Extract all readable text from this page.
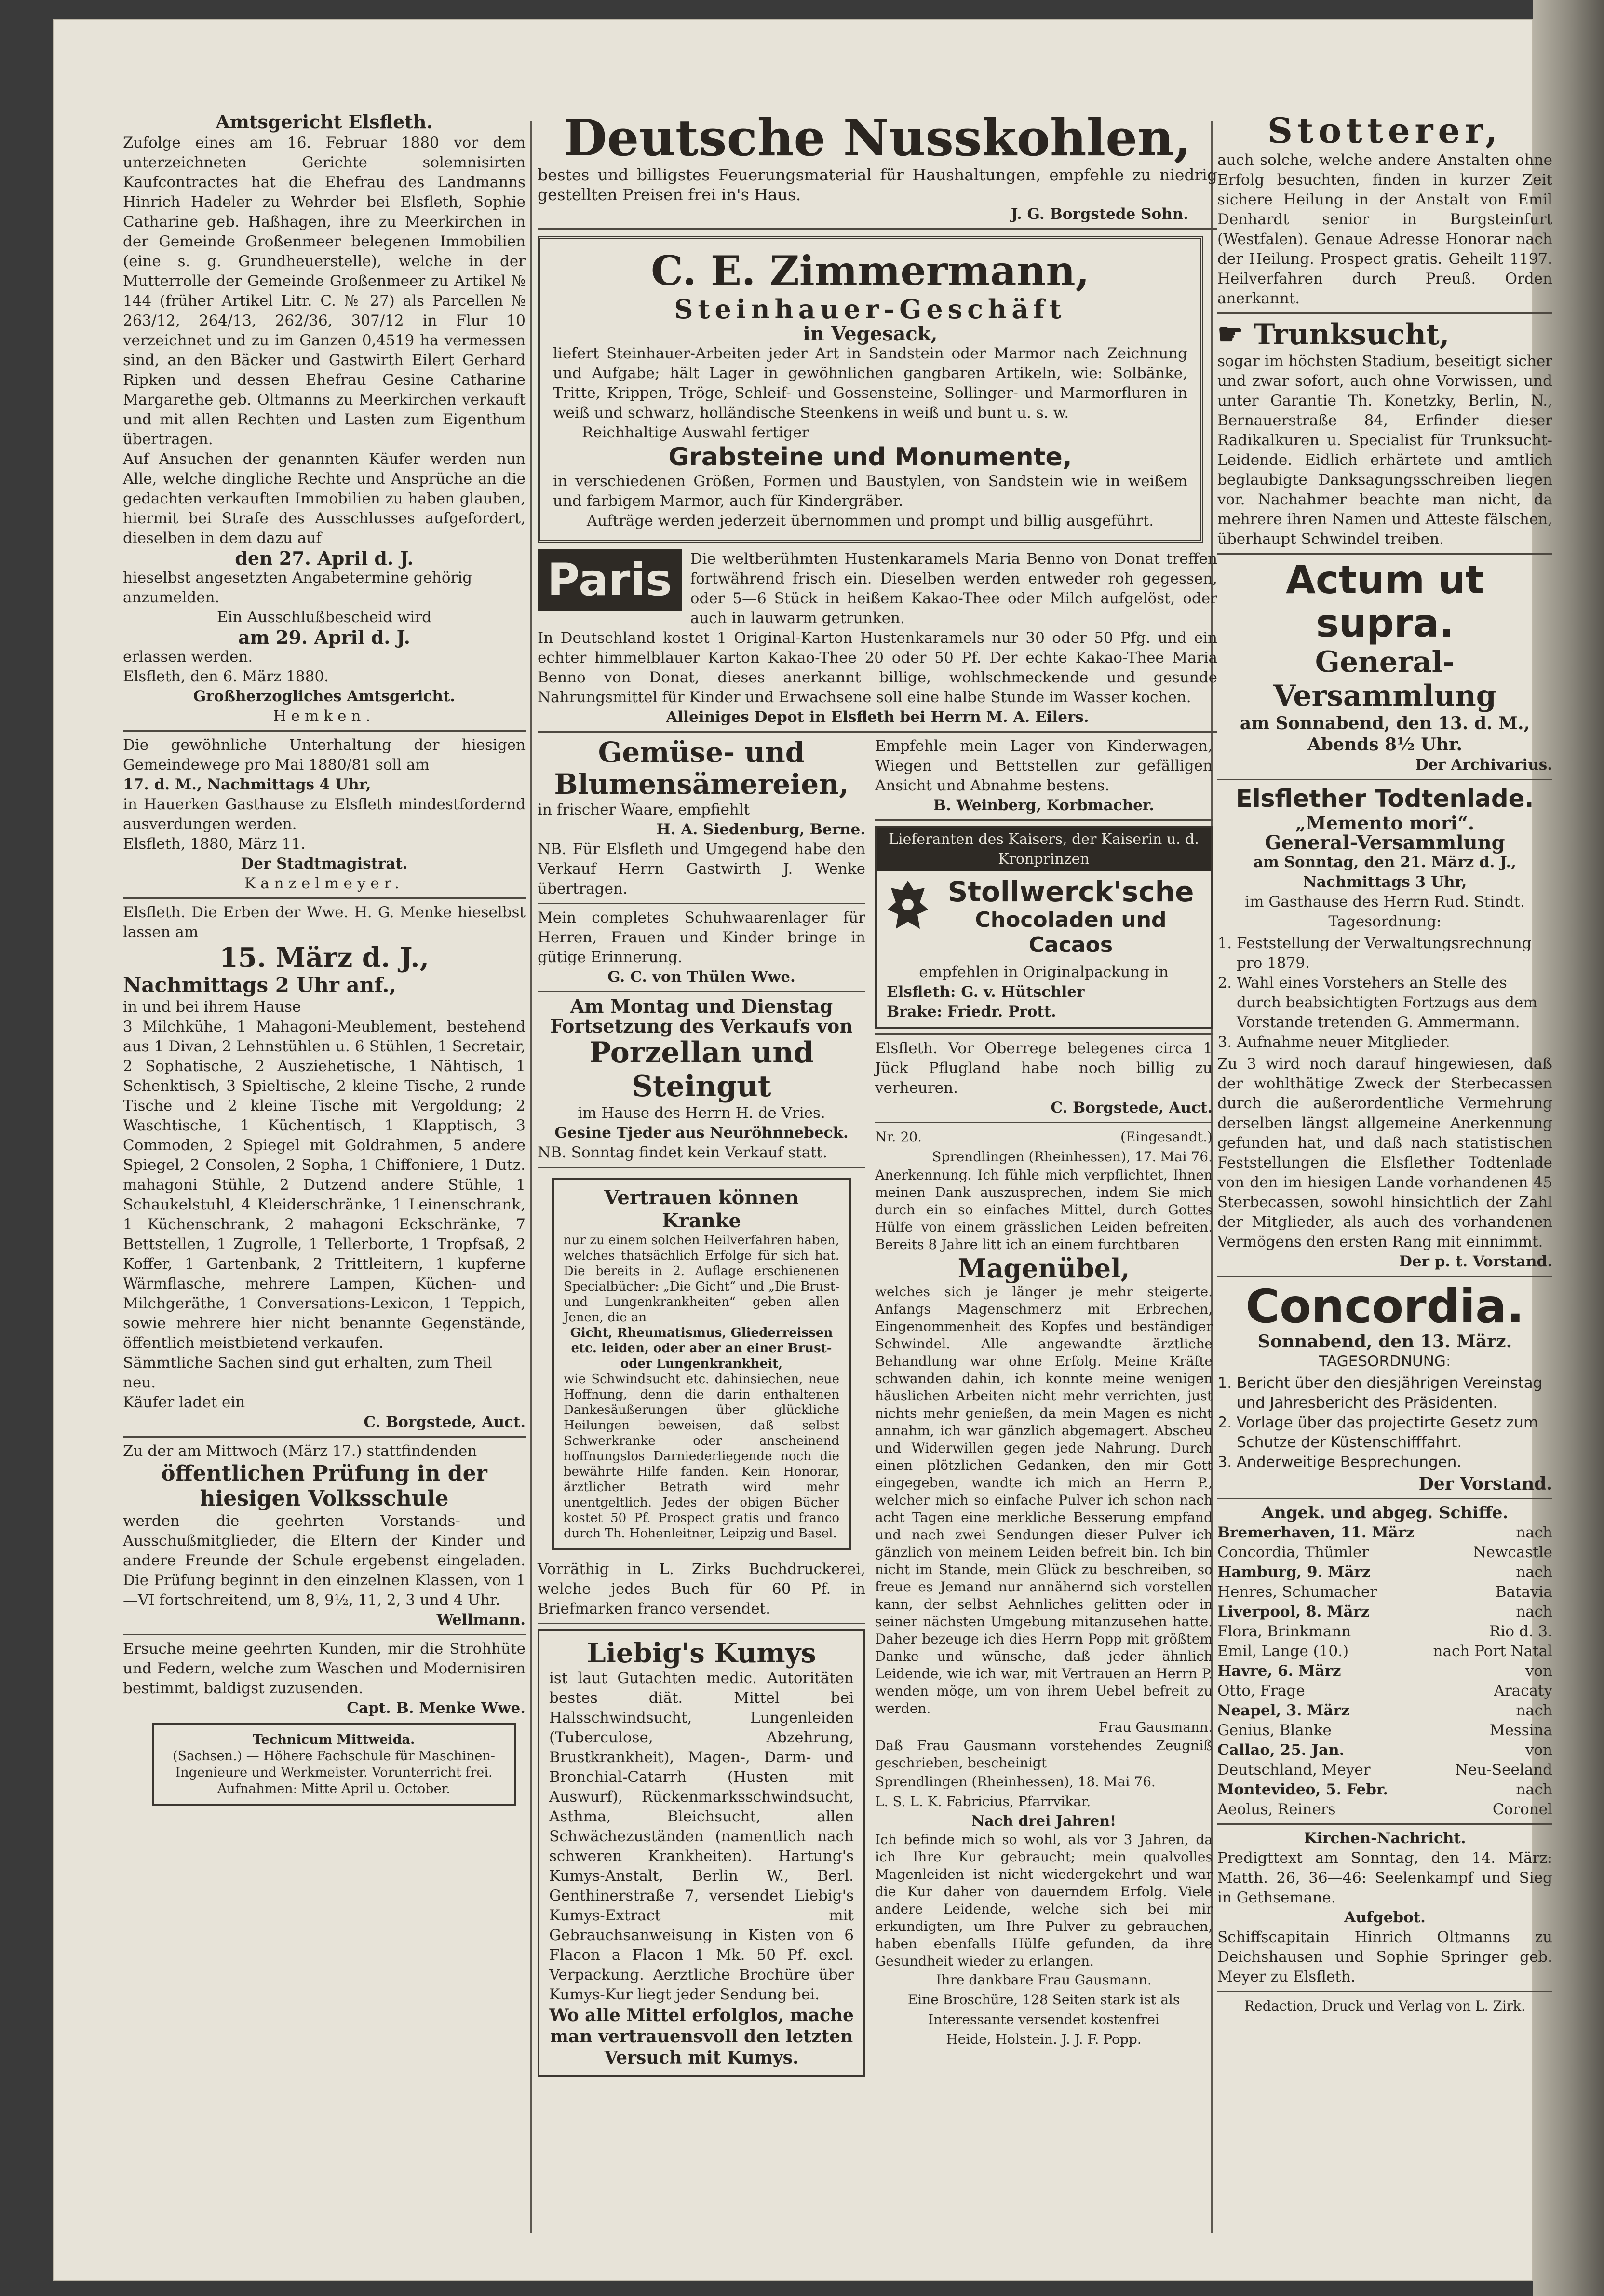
Amtsgericht Elsfleth.

Zufolge eines am 16. Februar 1880 vor dem unterzeichneten Gerichte solemnisirten Kaufcontractes hat die Ehefrau des Landmanns Hinrich Hadeler zu Wehrder bei Elsfleth, Sophie Catharine geb. Haßhagen, ihre zu Meerkirchen in der Gemeinde Großenmeer belegenen Immobilien (eine s. g. Grundheuerstelle), welche in der Mutterrolle der Gemeinde Großenmeer zu Artikel № 144 (früher Artikel Litr. C. № 27) als Parcellen № 263/12, 264/13, 262/36, 307/12 in Flur 10 verzeichnet und zu im Ganzen 0,4519 ha vermessen sind, an den Bäcker und Gastwirth Eilert Gerhard Ripken und dessen Ehefrau Gesine Catharine Margarethe geb. Oltmanns zu Meerkirchen verkauft und mit allen Rechten und Lasten zum Eigenthum übertragen.

Auf Ansuchen der genannten Käufer werden nun Alle, welche dingliche Rechte und Ansprüche an die gedachten verkauften Immobilien zu haben glauben, hiermit bei Strafe des Ausschlusses aufgefordert, dieselben in dem dazu auf

den 27. April d. J.

hieselbst angesetzten Angabetermine gehörig anzumelden.

Ein Ausschlußbescheid wird

am 29. April d. J.

erlassen werden.

Elsfleth, den 6. März 1880.

Großherzogliches Amtsgericht.
Hemken.

Die gewöhnliche Unterhaltung der hiesigen Gemeindewege pro Mai 1880/81 soll am

17. d. M., Nachmittags 4 Uhr,

in Hauerken Gasthause zu Elsfleth mindestfordernd ausverdungen werden.

Elsfleth, 1880, März 11.

Der Stadtmagistrat.
Kanzelmeyer.

Elsfleth. Die Erben der Wwe. H. G. Menke hieselbst lassen am

15. März d. J.,
Nachmittags 2 Uhr anf.,

in und bei ihrem Hause

3 Milchkühe, 1 Mahagoni-Meublement, bestehend aus 1 Divan, 2 Lehnstühlen u. 6 Stühlen, 1 Secretair, 2 Sophatische, 2 Ausziehetische, 1 Nähtisch, 1 Schenktisch, 3 Spieltische, 2 kleine Tische, 2 runde Tische und 2 kleine Tische mit Vergoldung; 2 Waschtische, 1 Küchentisch, 1 Klapptisch, 3 Commoden, 2 Spiegel mit Goldrahmen, 5 andere Spiegel, 2 Consolen, 2 Sopha, 1 Chiffoniere, 1 Dutz. mahagoni Stühle, 2 Dutzend andere Stühle, 1 Schaukelstuhl, 4 Kleiderschränke, 1 Leinenschrank, 1 Küchenschrank, 2 mahagoni Eckschränke, 7 Bettstellen, 1 Zugrolle, 1 Tellerborte, 1 Tropfsaß, 2 Koffer, 1 Gartenbank, 2 Trittleitern, 1 kupferne Wärmflasche, mehrere Lampen, Küchen- und Milchgeräthe, 1 Conversations-Lexicon, 1 Teppich, sowie mehrere hier nicht benannte Gegenstände, öffentlich meistbietend verkaufen.

Sämmtliche Sachen sind gut erhalten, zum Theil neu.

Käufer ladet ein

C. Borgstede, Auct.

Zu der am Mittwoch (März 17.) stattfindenden

öffentlichen Prüfung in der hiesigen Volksschule

werden die geehrten Vorstands- und Ausschußmitglieder, die Eltern der Kinder und andere Freunde der Schule ergebenst eingeladen. Die Prüfung beginnt in den einzelnen Klassen, von 1—VI fortschreitend, um 8, 9½, 11, 2, 3 und 4 Uhr.

Wellmann.

Ersuche meine geehrten Kunden, mir die Strohhüte und Federn, welche zum Waschen und Modernisiren bestimmt, baldigst zuzusenden.

Capt. B. Menke Wwe.
Technicum Mittweida.
(Sachsen.) — Höhere Fachschule für Maschinen-Ingenieure und Werkmeister. Vorunterricht frei. Aufnahmen: Mitte April u. October.
Deutsche Nusskohlen,

bestes und billigstes Feuerungsmaterial für Haushaltungen, empfehle zu niedrig gestellten Preisen frei in's Haus.

J. G. Borgstede Sohn.
C. E. Zimmermann,
Steinhauer-Geschäft
in Vegesack,

liefert Steinhauer-Arbeiten jeder Art in Sandstein oder Marmor nach Zeichnung und Aufgabe; hält Lager in gewöhnlichen gangbaren Artikeln, wie: Solbänke, Tritte, Krippen, Tröge, Schleif- und Gossensteine, Sollinger- und Marmorfluren in weiß und schwarz, holländische Steenkens in weiß und bunt u. s. w.

Reichhaltige Auswahl fertiger

Grabsteine und Monumente,

in verschiedenen Größen, Formen und Baustylen, von Sandstein wie in weißem und farbigem Marmor, auch für Kindergräber.

Aufträge werden jederzeit übernommen und prompt und billig ausgeführt.

Paris	Die weltberühmten Hustenkaramels Maria Benno von Donat treffen fortwährend frisch ein. Dieselben werden entweder roh gegessen, oder 5—6 Stück in heißem Kakao-Thee oder Milch aufgelöst, oder auch in lauwarm getrunken.

In Deutschland kostet 1 Original-Karton Hustenkaramels nur 30 oder 50 Pfg. und ein echter himmelblauer Karton Kakao-Thee 20 oder 50 Pf. Der echte Kakao-Thee Maria Benno von Donat, dieses anerkannt billige, wohlschmeckende und gesunde Nahrungsmittel für Kinder und Erwachsene soll eine halbe Stunde im Wasser kochen.

Alleiniges Depot in Elsfleth bei Herrn M. A. Eilers.
Gemüse- und Blumensämereien,

in frischer Waare, empfiehlt

H. A. Siedenburg, Berne.

NB. Für Elsfleth und Umgegend habe den Verkauf Herrn Gastwirth J. Wenke übertragen.

Mein completes Schuhwaarenlager für Herren, Frauen und Kinder bringe in gütige Erinnerung.

G. C. von Thülen Wwe.
Am Montag und Dienstag Fortsetzung des Verkaufs von
Porzellan und Steingut

im Hause des Herrn H. de Vries.

Gesine Tjeder aus Neuröhnnebeck.

NB. Sonntag findet kein Verkauf statt.

Vertrauen können Kranke

nur zu einem solchen Heilverfahren haben, welches thatsächlich Erfolge für sich hat. Die bereits in 2. Auflage erschienenen Specialbücher: „Die Gicht“ und „Die Brust- und Lungenkrankheiten“ geben allen Jenen, die an

Gicht, Rheumatismus, Gliederreissen etc. leiden, oder aber an einer Brust- oder Lungenkrankheit,

wie Schwindsucht etc. dahinsiechen, neue Hoffnung, denn die darin enthaltenen Dankesäußerungen über glückliche Heilungen beweisen, daß selbst Schwerkranke oder anscheinend hoffnungslos Darniederliegende noch die bewährte Hilfe fanden. Kein Honorar, ärztlicher Betrath wird mehr unentgeltlich. Jedes der obigen Bücher kostet 50 Pf. Prospect gratis und franco durch Th. Hohenleitner, Leipzig und Basel.

Vorräthig in L. Zirks Buchdruckerei, welche jedes Buch für 60 Pf. in Briefmarken franco versendet.

Liebig's Kumys

ist laut Gutachten medic. Autoritäten bestes diät. Mittel bei Halsschwindsucht, Lungenleiden (Tuberculose, Abzehrung, Brustkrankheit), Magen-, Darm- und Bronchial-Catarrh (Husten mit Auswurf), Rückenmarksschwindsucht, Asthma, Bleichsucht, allen Schwächezuständen (namentlich nach schweren Krankheiten). Hartung's Kumys-Anstalt, Berlin W., Berl. Genthinerstraße 7, versendet Liebig's Kumys-Extract mit Gebrauchsanweisung in Kisten von 6 Flacon a Flacon 1 Mk. 50 Pf. excl. Verpackung. Aerztliche Brochüre über Kumys-Kur liegt jeder Sendung bei.

Wo alle Mittel erfolglos, mache man vertrauensvoll den letzten Versuch mit Kumys.

Empfehle mein Lager von Kinderwagen, Wiegen und Bettstellen zur gefälligen Ansicht und Abnahme bestens.

B. Weinberg, Korbmacher.
Lieferanten des Kaisers, der Kaiserin u. d. Kronprinzen
Stollwerck'sche
Chocoladen und Cacaos

empfehlen in Originalpackung in

Elsfleth: G. v. Hütschler
Brake: Friedr. Prott.

Elsfleth. Vor Oberrege belegenes circa 1 Jück Pflugland habe noch billig zu verheuren.

C. Borgstede, Auct.
Nr. 20.	(Eingesandt.)

Sprendlingen (Rheinhessen), 17. Mai 76.

Anerkennung. Ich fühle mich verpflichtet, Ihnen meinen Dank auszusprechen, indem Sie mich durch ein so einfaches Mittel, durch Gottes Hülfe von einem grässlichen Leiden befreiten. Bereits 8 Jahre litt ich an einem furchtbaren

Magenübel,

welches sich je länger je mehr steigerte. Anfangs Magenschmerz mit Erbrechen, Eingenommenheit des Kopfes und beständiger Schwindel. Alle angewandte ärztliche Behandlung war ohne Erfolg. Meine Kräfte schwanden dahin, ich konnte meine wenigen häuslichen Arbeiten nicht mehr verrichten, just nichts mehr genießen, da mein Magen es nicht annahm, ich war gänzlich abgemagert. Abscheu und Widerwillen gegen jede Nahrung. Durch einen plötzlichen Gedanken, den mir Gott eingegeben, wandte ich mich an Herrn P., welcher mich so einfache Pulver ich schon nach acht Tagen eine merkliche Besserung empfand und nach zwei Sendungen dieser Pulver ich gänzlich von meinem Leiden befreit bin. Ich bin nicht im Stande, mein Glück zu beschreiben, so freue es Jemand nur annähernd sich vorstellen kann, der selbst Aehnliches gelitten oder in seiner nächsten Umgebung mitanzusehen hatte. Daher bezeuge ich dies Herrn Popp mit größtem Danke und wünsche, daß jeder ähnlich Leidende, wie ich war, mit Vertrauen an Herrn P. wenden möge, um von ihrem Uebel befreit zu werden.

Frau Gausmann.

Daß Frau Gausmann vorstehendes Zeugniß geschrieben, bescheinigt

Sprendlingen (Rheinhessen), 18. Mai 76.

L. S. L. K. Fabricius, Pfarrvikar.

Nach drei Jahren!

Ich befinde mich so wohl, als vor 3 Jahren, da ich Ihre Kur gebraucht; mein qualvolles Magenleiden ist nicht wiedergekehrt und war die Kur daher von dauerndem Erfolg. Viele andere Leidende, welche sich bei mir erkundigten, um Ihre Pulver zu gebrauchen, haben ebenfalls Hülfe gefunden, da ihre Gesundheit wieder zu erlangen.

Ihre dankbare Frau Gausmann.

Eine Broschüre, 128 Seiten stark ist als Interessante versendet kostenfrei

Heide, Holstein. J. J. F. Popp.

Stotterer,

auch solche, welche andere Anstalten ohne Erfolg besuchten, finden in kurzer Zeit sichere Heilung in der Anstalt von Emil Denhardt senior in Burgsteinfurt (Westfalen). Genaue Adresse Honorar nach der Heilung. Prospect gratis. Geheilt 1197. Heilverfahren durch Preuß. Orden anerkannt.

☛ Trunksucht,

sogar im höchsten Stadium, beseitigt sicher und zwar sofort, auch ohne Vorwissen, und unter Garantie Th. Konetzky, Berlin, N., Bernauerstraße 84, Erfinder dieser Radikalkuren u. Specialist für Trunksucht-Leidende. Eidlich erhärtete und amtlich beglaubigte Danksagungsschreiben liegen vor. Nachahmer beachte man nicht, da mehrere ihren Namen und Atteste fälschen, überhaupt Schwindel treiben.

Actum ut supra.
General-Versammlung
am Sonnabend, den 13. d. M., Abends 8½ Uhr.
Der Archivarius.
Elsflether Todtenlade.
„Memento mori“.
General-Versammlung
am Sonntag, den 21. März d. J., Nachmittags 3 Uhr,

im Gasthause des Herrn Rud. Stindt.

Tagesordnung:
1. Feststellung der Verwaltungsrechnung pro 1879.
2. Wahl eines Vorstehers an Stelle des durch beabsichtigten Fortzugs aus dem Vorstande tretenden G. Ammermann.
3. Aufnahme neuer Mitglieder.

Zu 3 wird noch darauf hingewiesen, daß der wohlthätige Zweck der Sterbecassen durch die außerordentliche Vermehrung derselben längst allgemeine Anerkennung gefunden hat, und daß nach statistischen Feststellungen die Elsflether Todtenlade von den im hiesigen Lande vorhandenen 45 Sterbecassen, sowohl hinsichtlich der Zahl der Mitglieder, als auch des vorhandenen Vermögens den ersten Rang mit einnimmt.

Der p. t. Vorstand.
Concordia.
Sonnabend, den 13. März.
TAGESORDNUNG:
1. Bericht über den diesjährigen Vereinstag und Jahresbericht des Präsidenten.
2. Vorlage über das projectirte Gesetz zum Schutze der Küstenschifffahrt.
3. Anderweitige Besprechungen.
Der Vorstand.
Angek. und abgeg. Schiffe.
Bremerhaven, 11. März	nach
Concordia, Thümler	Newcastle
Hamburg, 9. März	nach
Henres, Schumacher	Batavia
Liverpool, 8. März	nach
Flora, Brinkmann	Rio d. 3.
Emil, Lange (10.)	nach Port Natal
Havre, 6. März	von
Otto, Frage	Aracaty
Neapel, 3. März	nach
Genius, Blanke	Messina
Callao, 25. Jan.	von
Deutschland, Meyer	Neu-Seeland
Montevideo, 5. Febr.	nach
Aeolus, Reiners	Coronel
Kirchen-Nachricht.

Predigttext am Sonntag, den 14. März: Matth. 26, 36—46: Seelenkampf und Sieg in Gethsemane.

Aufgebot.

Schiffscapitain Hinrich Oltmanns zu Deichshausen und Sophie Springer geb. Meyer zu Elsfleth.

Redaction, Druck und Verlag von L. Zirk.
